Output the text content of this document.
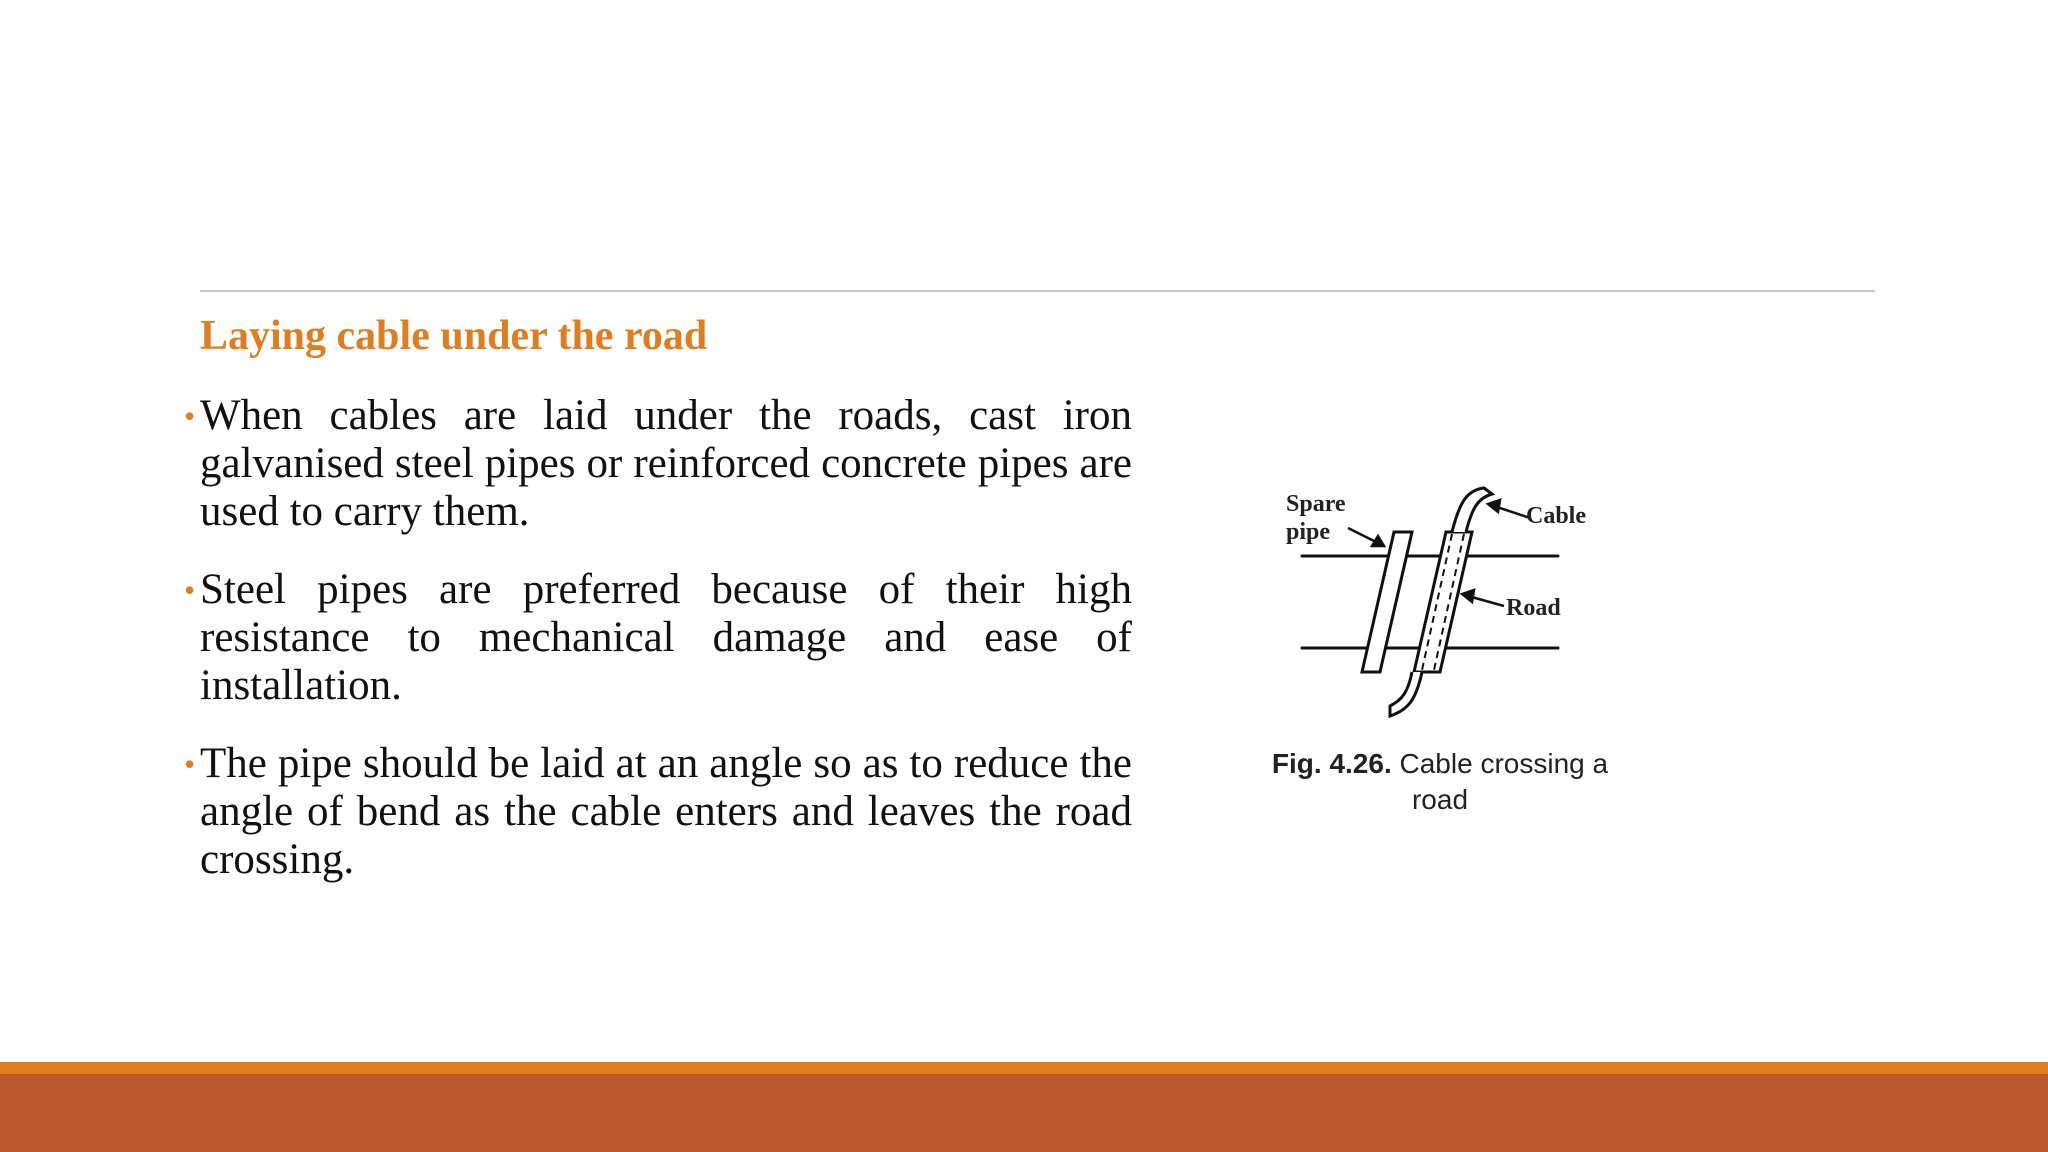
Laying cable under the road
• When cables are laid under the roads, cast iron galvanised steel pipes or reinforced concrete pipes are used to carry them.
• Steel pipes are preferred because of their high resistance to mechanical damage and ease of installation.
• The pipe should be laid at an angle so as to reduce the angle of bend as the cable enters and leaves the road crossing.
Spare
pipe
Cable
Road
Fig. 4.26. Cable crossing a road
